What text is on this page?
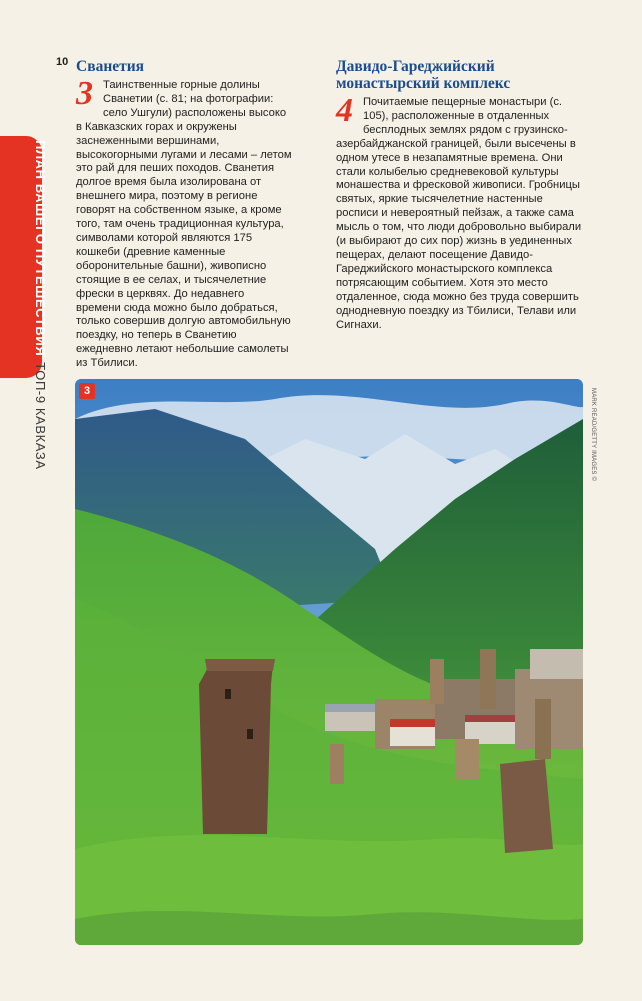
10
ПЛАН ВАШЕГО ПУТЕШЕСТВИЯТОП-9 КАВКАЗА
Сванетия

3 Таинственные горные долины Сванетии (с. 81; на фотографии: село Ушгули) расположены высоко в Кавказских горах и окружены заснеженными вершинами, высокогорными лугами и лесами – летом это рай для пеших походов. Сванетия долгое время была изолирована от внешнего мира, поэтому в регионе говорят на собственном языке, а кроме того, там очень традиционная культура, символами которой являются 175 кошкеби (древние каменные оборонительные башни), живописно стоящие в ее селах, и тысячелетние фрески в церквях. До недавнего времени сюда можно было добраться, только совершив долгую автомобильную поездку, но теперь в Сванетию ежедневно летают небольшие самолеты из Тбилиси.

Давидо-Гареджийский монастырский комплекс

4 Почитаемые пещерные монастыри (с. 105), расположенные в отдаленных бесплодных землях рядом с грузинско-азербайджанской границей, были высечены в одном утесе в незапамятные времена. Они стали колыбелью средневековой культуры монашества и фресковой живописи. Гробницы святых, яркие тысячелетние настенные росписи и невероятный пейзаж, а также сама мысль о том, что люди добровольно выбирали (и выбирают до сих пор) жизнь в уединенных пещерах, делают посещение Давидо-Гареджийского монастырского комплекса потрясающим событием. Хотя это место отдаленное, сюда можно без труда совершить однодневную поездку из Тбилиси, Телави или Сигнахи.

3	MARK READ/GETTY IMAGES ©
